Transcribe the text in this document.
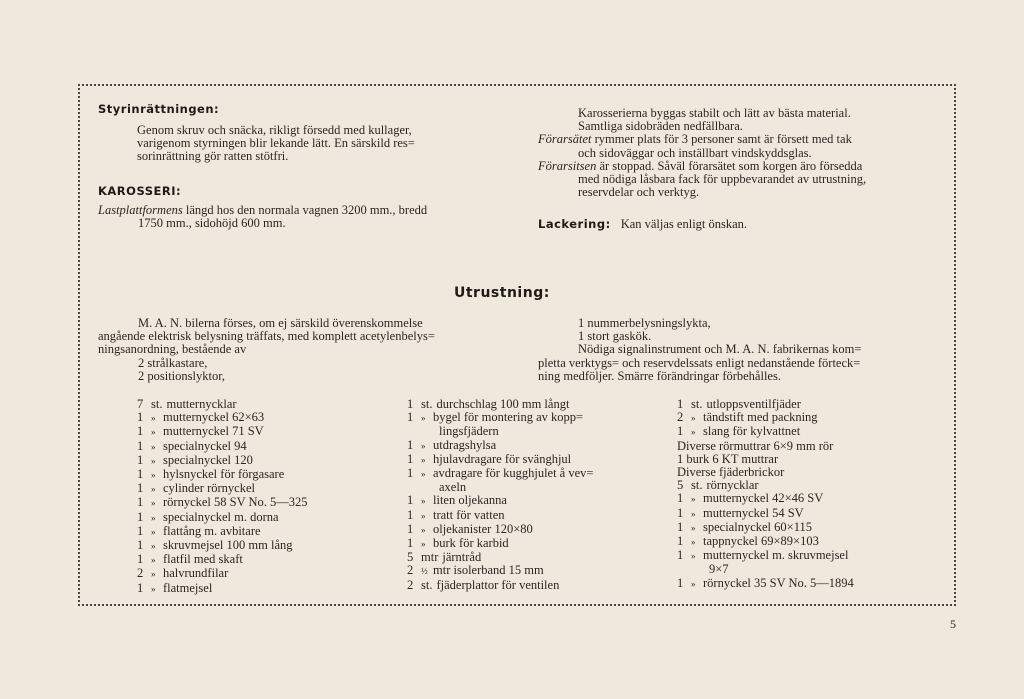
Styrinrättningen:
Genom skruv och snäcka, rikligt försedd med kullager,
varigenom styrningen blir lekande lätt. En särskild res=
sorinrättning gör ratten stötfri.
KAROSSERI:
Lastplattformens längd hos den normala vagnen 3200 mm., bredd
1750 mm., sidohöjd 600 mm.
Karosserierna byggas stabilt och lätt av bästa material.
Samtliga sidobräden nedfällbara.
Förarsätet rymmer plats för 3 personer samt är försett med tak
och sidoväggar och inställbart vindskyddsglas.
Förarsitsen är stoppad. Såväl förarsätet som korgen äro försedda
med nödiga låsbara fack för uppbevarandet av utrustning,
reservdelar och verktyg.
Lackering: Kan väljas enligt önskan.
Utrustning:
M. A. N. bilerna förses, om ej särskild överenskommelse
angående elektrisk belysning träffats, med komplett acetylenbelys=
ningsanordning, bestående av
2 strålkastare,
2 positionslyktor,
1 nummerbelysningslykta,
1 stort gaskök.
Nödiga signalinstrument och M. A. N. fabrikernas kom=
pletta verktygs= och reservdelssats enligt nedanstående förteck=
ning medföljer. Smärre förändringar förbehålles.
7 st. mutternycklar
1 » mutternyckel 62×63
1 » mutternyckel 71 SV
1 » specialnyckel 94
1 » specialnyckel 120
1 » hylsnyckel för förgasare
1 » cylinder rörnyckel
1 » rörnyckel 58 SV No. 5—325
1 » specialnyckel m. dorna
1 » flattång m. avbitare
1 » skruvmejsel 100 mm lång
1 » flatfil med skaft
2 » halvrundfilar
1 » flatmejsel
1 st. durchschlag 100 mm långt
1 » bygel för montering av kopp=
lingsfjädern
1 » utdragshylsa
1 » hjulavdragare för svänghjul
1 » avdragare för kugghjulet å vev=
axeln
1 » liten oljekanna
1 » tratt för vatten
1 » oljekanister 120×80
1 » burk för karbid
5 mtr järntråd
2 ½ mtr isolerband 15 mm
2 st. fjäderplattor för ventilen
1 st. utloppsventilfjäder
2 » tändstift med packning
1 » slang för kylvattnet
Diverse rörmuttrar 6×9 mm rör
1 burk 6 KT muttrar
Diverse fjäderbrickor
5 st. rörnycklar
1 » mutternyckel 42×46 SV
1 » mutternyckel 54 SV
1 » specialnyckel 60×115
1 » tappnyckel 69×89×103
1 » mutternyckel m. skruvmejsel
9×7
1 » rörnyckel 35 SV No. 5—1894
5
